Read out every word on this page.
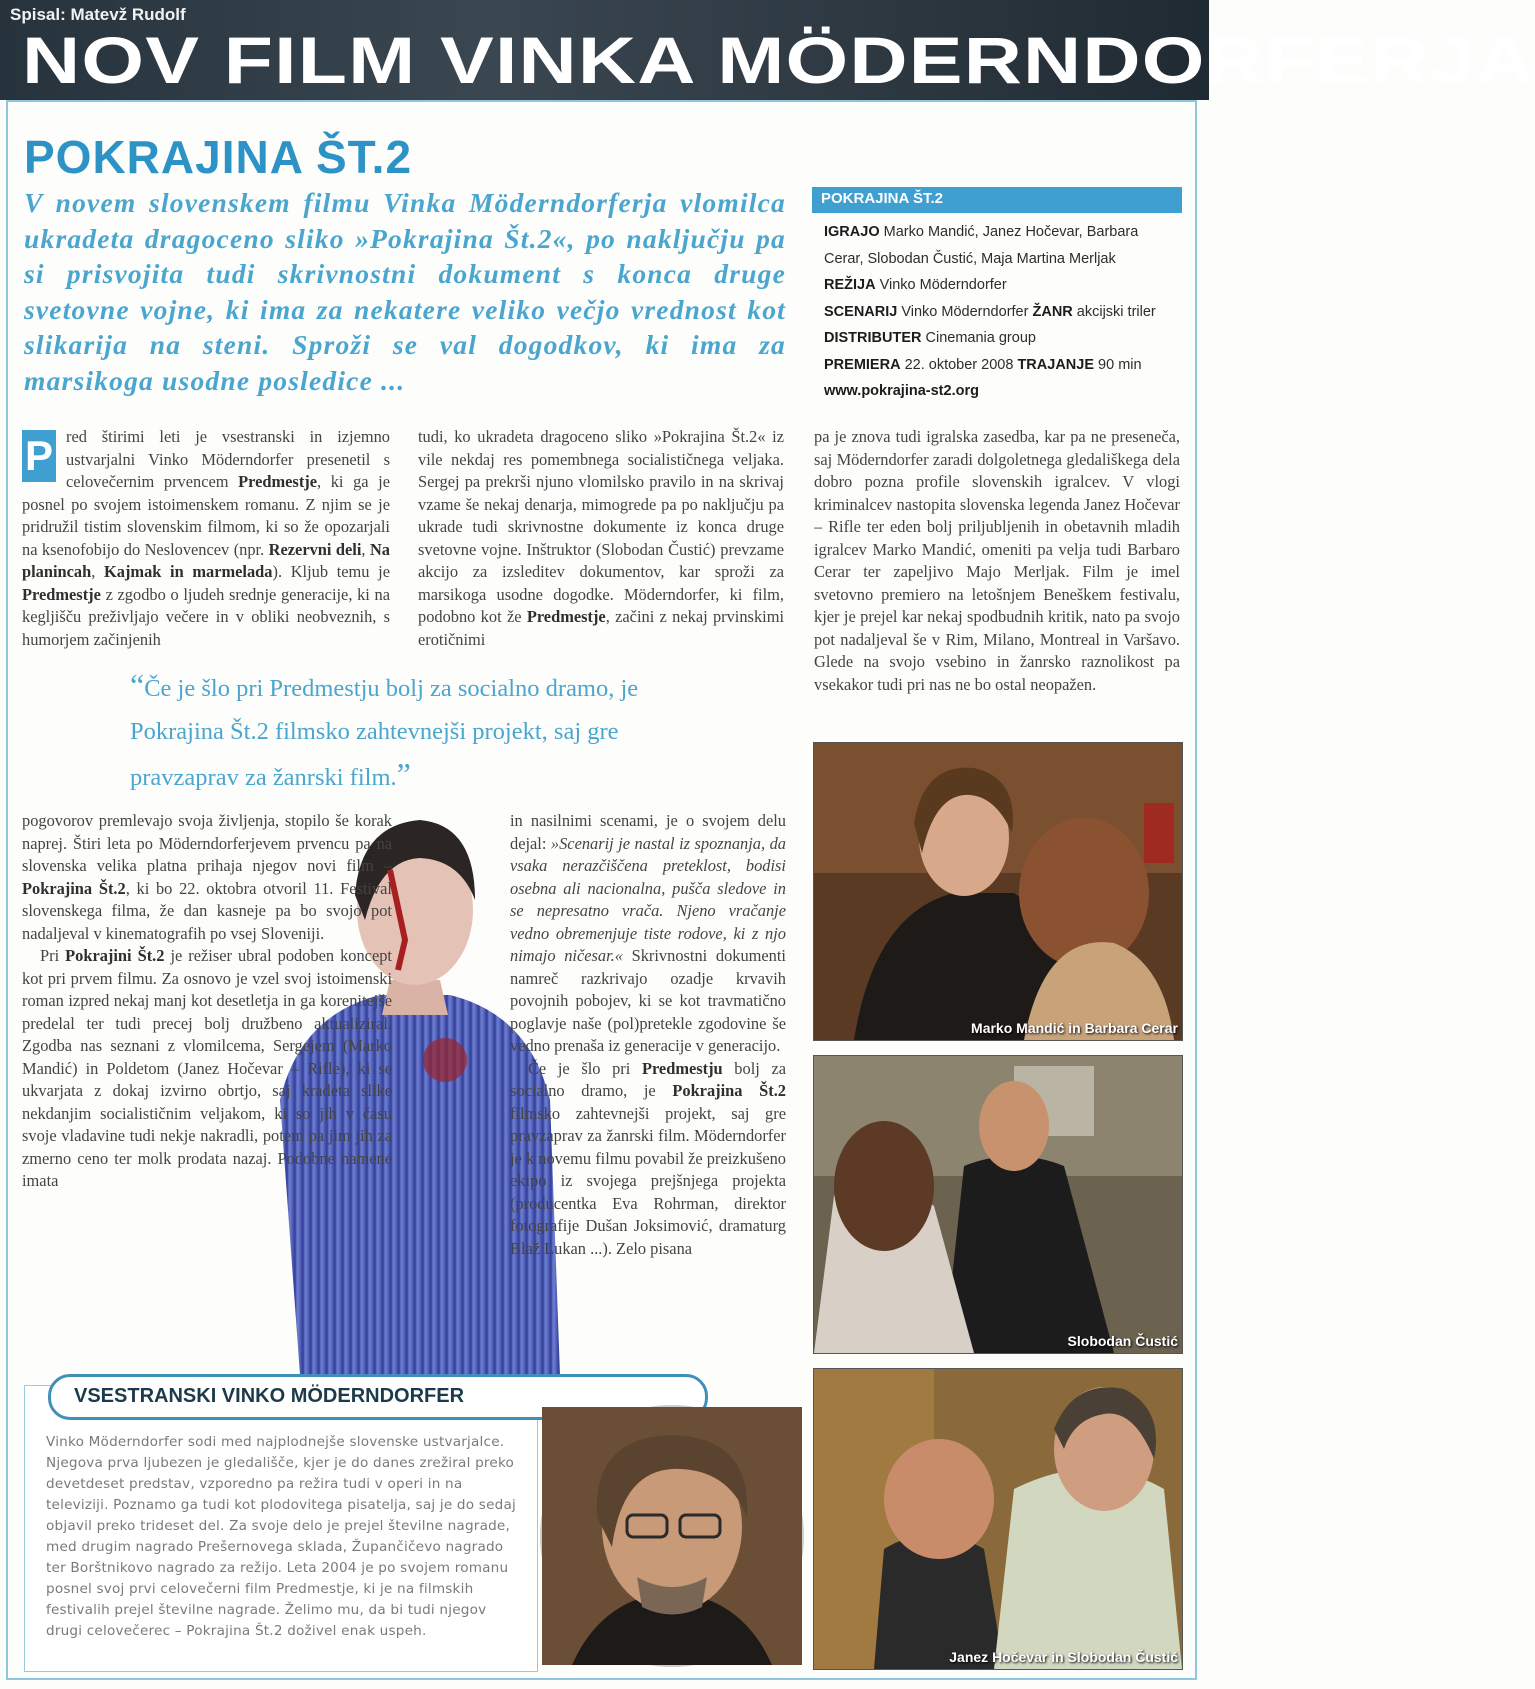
Spisal: Matevž Rudolf
NOV FILM VINKA MÖDERNDORFERJA
POKRAJINA ŠT.2
V novem slovenskem filmu Vinka Möderndorferja vlomilca ukradeta dragoceno sliko »Pokrajina Št.2«, po naključju pa si prisvojita tudi skrivnostni dokument s konca druge svetovne vojne, ki ima za nekatere veliko večjo vrednost kot slikarija na steni. Sproži se val dogodkov, ki ima za marsikoga usodne posledice ...
POKRAJINA ŠT.2
IGRAJO Marko Mandić, Janez Hočevar, Barbara Cerar, Slobodan Čustić, Maja Martina Merljak
REŽIJA Vinko Möderndorfer
SCENARIJ Vinko Möderndorfer ŽANR akcijski triler
DISTRIBUTER Cinemania group
PREMIERA 22. oktober 2008 TRAJANJE 90 min
www.pokrajina-st2.org
P red štirimi leti je vsestranski in izjemno ustvarjalni Vinko Möderndorfer presenetil s celovečernim prvencem Predmestje, ki ga je posnel po svojem istoimenskem romanu. Z njim se je pridružil tistim slovenskim filmom, ki so že opozarjali na ksenofobijo do Neslovencev (npr. Rezervni deli, Na planincah, Kajmak in marmelada). Kljub temu je Predmestje z zgodbo o ljudeh srednje generacije, ki na kegljišču preživljajo večere in v obliki neobveznih, s humorjem začinjenih
tudi, ko ukradeta dragoceno sliko »Pokrajina Št.2« iz vile nekdaj res pomembnega socialističnega veljaka. Sergej pa prekrši njuno vlomilsko pravilo in na skrivaj vzame še nekaj denarja, mimogrede pa po naključju pa ukrade tudi skrivnostne dokumente iz konca druge svetovne vojne. Inštruktor (Slobodan Čustić) prevzame akcijo za izsleditev dokumentov, kar sproži za marsikoga usodne dogodke. Möderndorfer, ki film, podobno kot že Predmestje, začini z nekaj prvinskimi erotičnimi
pa je znova tudi igralska zasedba, kar pa ne preseneča, saj Möderndorfer zaradi dolgoletnega gledališkega dela dobro pozna profile slovenskih igralcev. V vlogi kriminalcev nastopita slovenska legenda Janez Hočevar – Rifle ter eden bolj priljubljenih in obetavnih mladih igralcev Marko Mandić, omeniti pa velja tudi Barbaro Cerar ter zapeljivo Majo Merljak. Film je imel svetovno premiero na letošnjem Beneškem festivalu, kjer je prejel kar nekaj spodbudnih kritik, nato pa svojo pot nadaljeval še v Rim, Milano, Montreal in Varšavo. Glede na svojo vsebino in žanrsko raznolikost pa vsekakor tudi pri nas ne bo ostal neopažen.
“Če je šlo pri Predmestju bolj za socialno dramo, je Pokrajina Št.2 filmsko zahtevnejši projekt, saj gre pravzaprav za žanrski film.”
pogovorov premlevajo svoja življenja, stopilo še korak naprej. Štiri leta po Möderndorferjevem prvencu pa na slovenska velika platna prihaja njegov novi film – Pokrajina Št.2, ki bo 22. oktobra otvoril 11. Festival slovenskega filma, že dan kasneje pa bo svojo pot nadaljeval v kinematografih po vsej Sloveniji.
Pri Pokrajini Št.2 je režiser ubral podoben koncept kot pri prvem filmu. Za osnovo je vzel svoj istoimenski roman izpred nekaj manj kot desetletja in ga korenitejše predelal ter tudi precej bolj družbeno aktualiziral. Zgodba nas seznani z vlomilcema, Sergejem (Marko Mandić) in Poldetom (Janez Hočevar – Rifle), ki se ukvarjata z dokaj izvirno obrtjo, saj kradeta slike nekdanjim socialističnim veljakom, ki so jih v času svoje vladavine tudi nekje nakradli, potem pa jim jih za zmerno ceno ter molk prodata nazaj. Podobne namene imata
in nasilnimi scenami, je o svojem delu dejal: »Scenarij je nastal iz spoznanja, da vsaka nerazčiščena preteklost, bodisi osebna ali nacionalna, pušča sledove in se nepresatno vrača. Njeno vračanje vedno obremenjuje tiste rodove, ki z njo nimajo ničesar.« Skrivnostni dokumenti namreč razkrivajo ozadje krvavih povojnih pobojev, ki se kot travmatično poglavje naše (pol)pretekle zgodovine še vedno prenaša iz generacije v generacijo.
Če je šlo pri Predmestju bolj za socialno dramo, je Pokrajina Št.2 filmsko zahtevnejši projekt, saj gre pravzaprav za žanrski film. Möderndorfer je k novemu filmu povabil že preizkušeno ekipo iz svojega prejšnjega projekta (producentka Eva Rohrman, direktor fotografije Dušan Joksimović, dramaturg Blaž Lukan ...). Zelo pisana
Marko Mandić in Barbara Cerar
Slobodan Čustić
Janez Hočevar in Slobodan Čustić
VSESTRANSKI VINKO MÖDERNDORFER
Vinko Möderndorfer sodi med najplodnejše slovenske ustvarjalce. Njegova prva ljubezen je gledališče, kjer je do danes zrežiral preko devetdeset predstav, vzporedno pa režira tudi v operi in na televiziji. Poznamo ga tudi kot plodovitega pisatelja, saj je do sedaj objavil preko trideset del. Za svoje delo je prejel številne nagrade, med drugim nagrado Prešernovega sklada, Župančičevo nagrado ter Borštnikovo nagrado za režijo. Leta 2004 je po svojem romanu posnel svoj prvi celovečerni film Predmestje, ki je na filmskih festivalih prejel številne nagrade. Želimo mu, da bi tudi njegov drugi celovečerec – Pokrajina Št.2 doživel enak uspeh.
